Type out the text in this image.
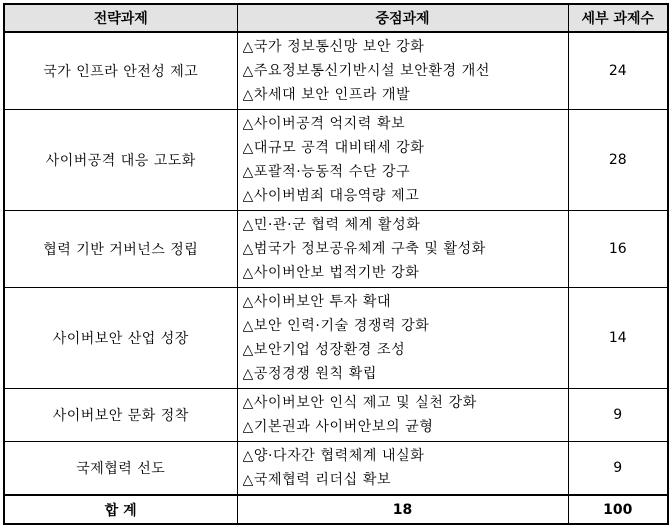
전략과제	중점과제	세부 과제수
국가 인프라 안전성 제고	△국가 정보통신망 보안 강화
△주요정보통신기반시설 보안환경 개선
△차세대 보안 인프라 개발	24
사이버공격 대응 고도화	△사이버공격 억지력 확보
△대규모 공격 대비태세 강화
△포괄적·능동적 수단 강구
△사이버범죄 대응역량 제고	28
협력 기반 거버넌스 정립	△민·관·군 협력 체계 활성화
△범국가 정보공유체계 구축 및 활성화
△사이버안보 법적기반 강화	16
사이버보안 산업 성장	△사이버보안 투자 확대
△보안 인력·기술 경쟁력 강화
△보안기업 성장환경 조성
△공정경쟁 원칙 확립	14
사이버보안 문화 정착	△사이버보안 인식 제고 및 실천 강화
△기본권과 사이버안보의 균형	9
국제협력 선도	△양·다자간 협력체계 내실화
△국제협력 리더십 확보	9
합 계	18	100
